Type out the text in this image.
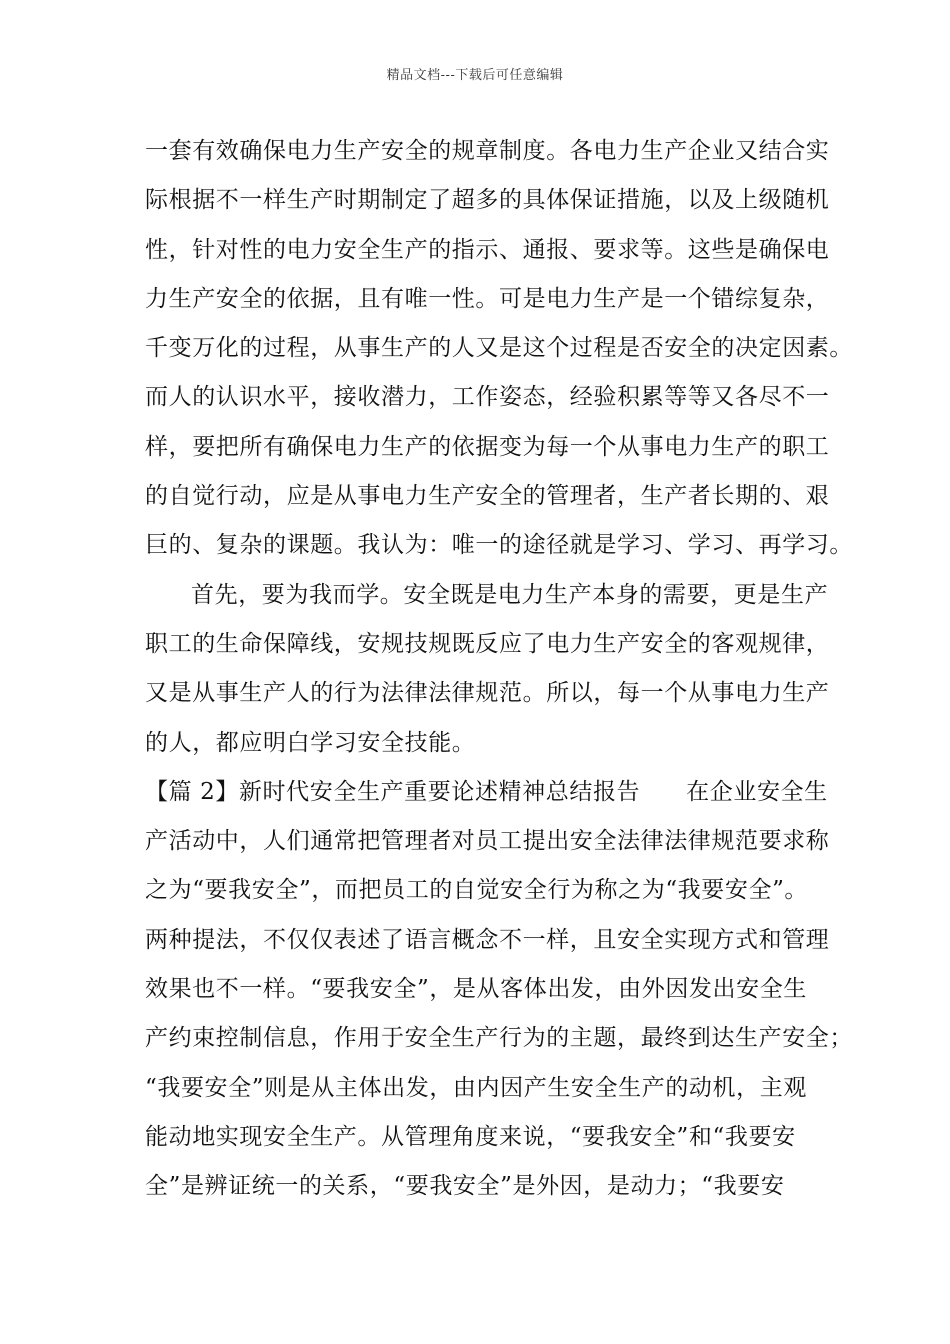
精品文档---下载后可任意编辑
一套有效确保电力生产安全的规章制度。各电力生产企业又结合实
际根据不一样生产时期制定了超多的具体保证措施，以及上级随机
性，针对性的电力安全生产的指示、通报、要求等。这些是确保电
力生产安全的依据，且有唯一性。可是电力生产是一个错综复杂，
千变万化的过程，从事生产的人又是这个过程是否安全的决定因素。
而人的认识水平，接收潜力，工作姿态，经验积累等等又各尽不一
样，要把所有确保电力生产的依据变为每一个从事电力生产的职工
的自觉行动，应是从事电力生产安全的管理者，生产者长期的、艰
巨的、复杂的课题。我认为：唯一的途径就是学习、学习、再学习。
首先，要为我而学。安全既是电力生产本身的需要，更是生产
职工的生命保障线，安规技规既反应了电力生产安全的客观规律，
又是从事生产人的行为法律法律规范。所以，每一个从事电力生产
的人，都应明白学习安全技能。
【篇 2】新时代安全生产重要论述精神总结报告 在企业安全生
产活动中，人们通常把管理者对员工提出安全法律法律规范要求称
之为“要我安全”，而把员工的自觉安全行为称之为“我要安全”。
两种提法，不仅仅表述了语言概念不一样，且安全实现方式和管理
效果也不一样。“要我安全”，是从客体出发，由外因发出安全生
产约束控制信息，作用于安全生产行为的主题，最终到达生产安全；
“我要安全”则是从主体出发，由内因产生安全生产的动机，主观
能动地实现安全生产。从管理角度来说，“要我安全”和“我要安
全”是辨证统一的关系，“要我安全”是外因，是动力；“我要安
